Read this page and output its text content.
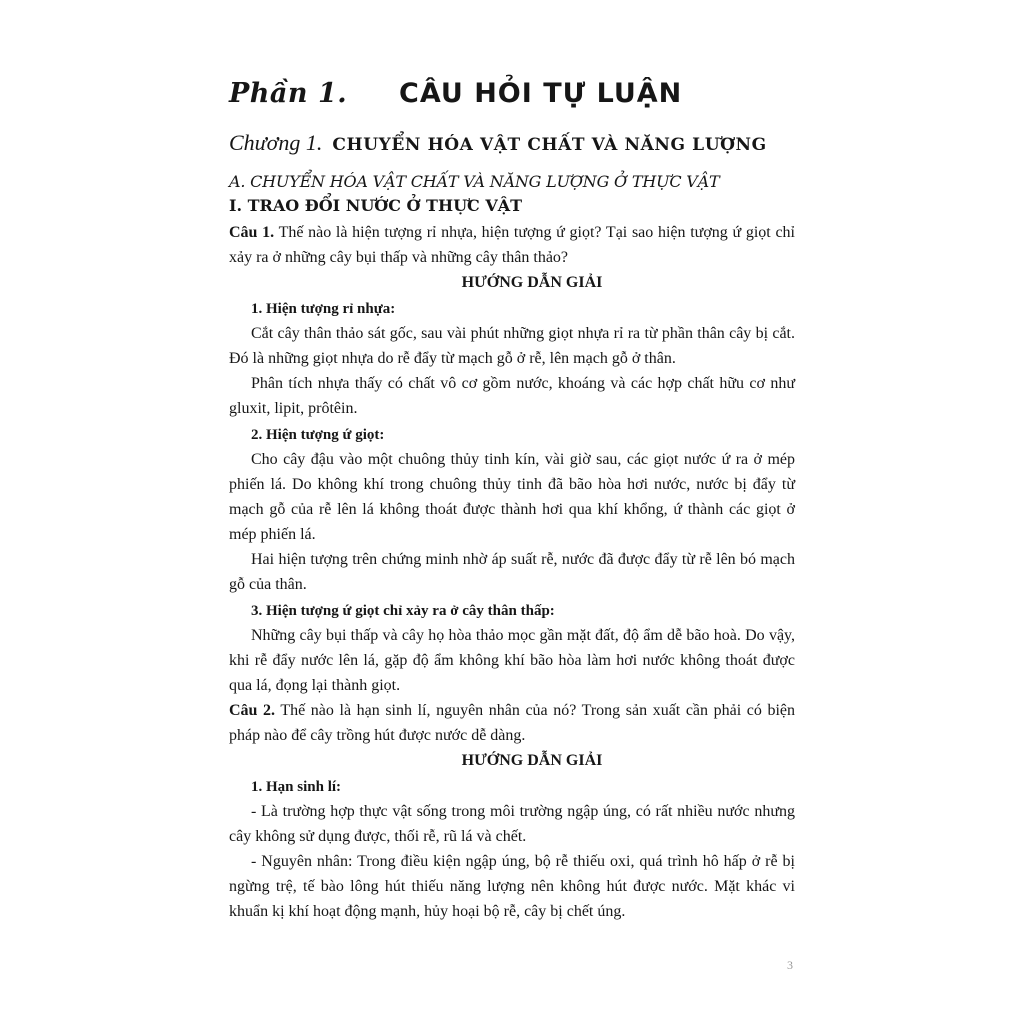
Phần 1.	CÂU HỎI TỰ LUẬN
Chương 1. CHUYỂN HÓA VẬT CHẤT VÀ NĂNG LƯỢNG
A. CHUYỂN HÓA VẬT CHẤT VÀ NĂNG LƯỢNG Ở THỰC VẬT
I. TRAO ĐỔI NƯỚC Ở THỰC VẬT

Câu 1. Thế nào là hiện tượng rỉ nhựa, hiện tượng ứ giọt? Tại sao hiện tượng ứ giọt chỉ xảy ra ở những cây bụi thấp và những cây thân thảo?

HƯỚNG DẪN GIẢI
1. Hiện tượng rỉ nhựa:

Cắt cây thân thảo sát gốc, sau vài phút những giọt nhựa rỉ ra từ phần thân cây bị cắt. Đó là những giọt nhựa do rễ đẩy từ mạch gỗ ở rễ, lên mạch gỗ ở thân.

Phân tích nhựa thấy có chất vô cơ gồm nước, khoáng và các hợp chất hữu cơ như gluxit, lipit, prôtêin.

2. Hiện tượng ứ giọt:

Cho cây đậu vào một chuông thủy tinh kín, vài giờ sau, các giọt nước ứ ra ở mép phiến lá. Do không khí trong chuông thủy tinh đã bão hòa hơi nước, nước bị đẩy từ mạch gỗ của rễ lên lá không thoát được thành hơi qua khí khổng, ứ thành các giọt ở mép phiến lá.

Hai hiện tượng trên chứng minh nhờ áp suất rễ, nước đã được đẩy từ rễ lên bó mạch gỗ của thân.

3. Hiện tượng ứ giọt chỉ xảy ra ở cây thân thấp:

Những cây bụi thấp và cây họ hòa thảo mọc gần mặt đất, độ ẩm dễ bão hoà. Do vậy, khi rễ đẩy nước lên lá, gặp độ ẩm không khí bão hòa làm hơi nước không thoát được qua lá, đọng lại thành giọt.

Câu 2. Thế nào là hạn sinh lí, nguyên nhân của nó? Trong sản xuất cần phải có biện pháp nào để cây trồng hút được nước dễ dàng.

HƯỚNG DẪN GIẢI
1. Hạn sinh lí:

- Là trường hợp thực vật sống trong môi trường ngập úng, có rất nhiều nước nhưng cây không sử dụng được, thối rễ, rũ lá và chết.

- Nguyên nhân: Trong điều kiện ngập úng, bộ rễ thiếu oxi, quá trình hô hấp ở rễ bị ngừng trệ, tế bào lông hút thiếu năng lượng nên không hút được nước. Mặt khác vi khuẩn kị khí hoạt động mạnh, hủy hoại bộ rễ, cây bị chết úng.

3
